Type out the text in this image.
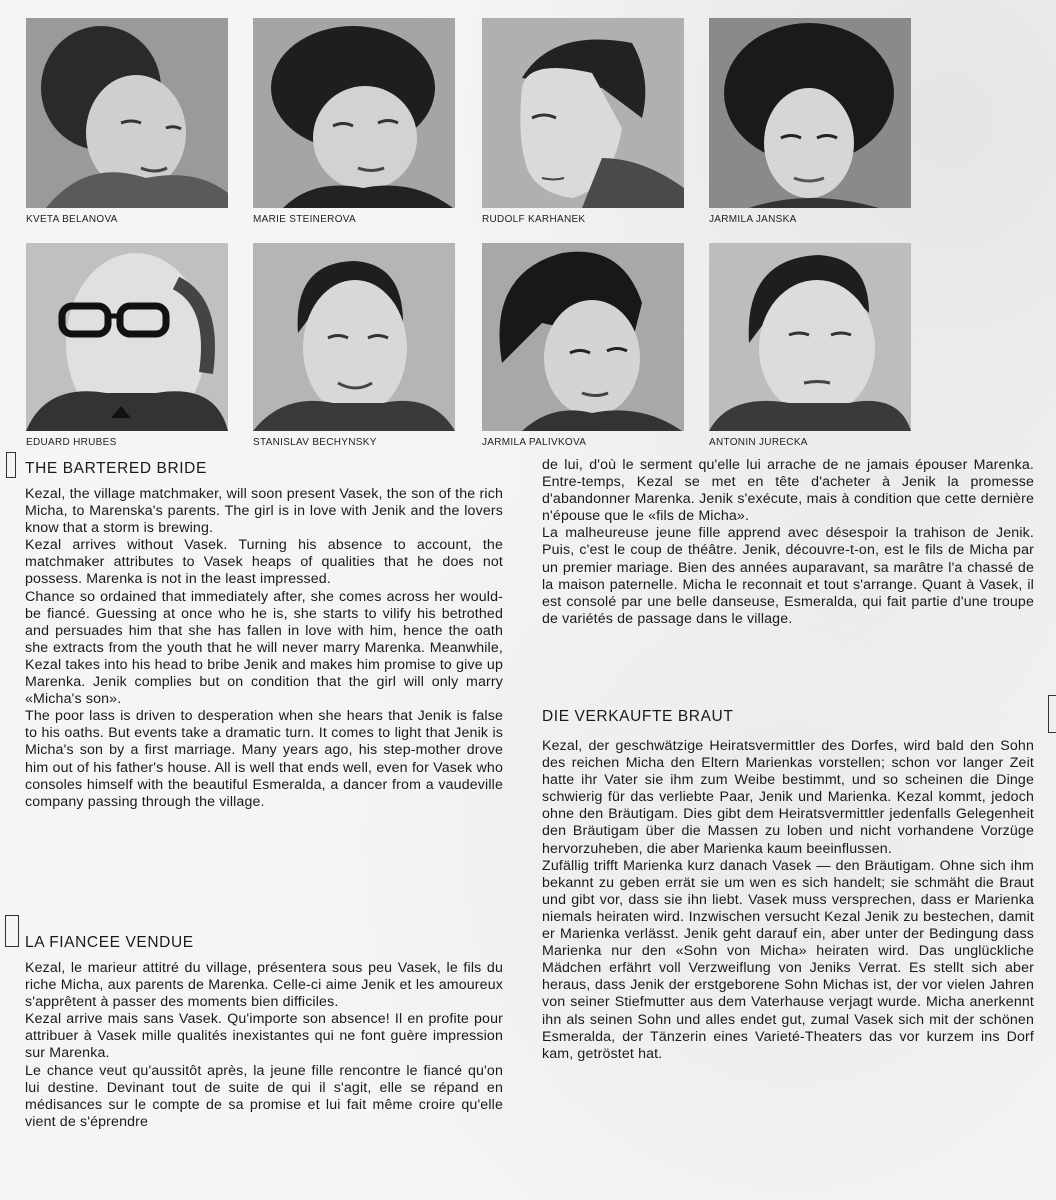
KVETA BELANOVA	MARIE STEINEROVA	RUDOLF KARHANEK	JARMILA JANSKA
EDUARD HRUBES	STANISLAV BECHYNSKY	JARMILA PALIVKOVA	ANTONIN JURECKA
THE BARTERED BRIDE

Kezal, the village matchmaker, will soon present Vasek, the son of the rich Micha, to Marenska's parents. The girl is in love with Jenik and the lovers know that a storm is brewing.

Kezal arrives without Vasek. Turning his absence to account, the matchmaker attributes to Vasek heaps of qualities that he does not possess. Marenka is not in the least impressed.

Chance so ordained that immediately after, she comes across her would-be fiancé. Guessing at once who he is, she starts to vilify his betrothed and persuades him that she has fallen in love with him, hence the oath she extracts from the youth that he will never marry Marenka. Meanwhile, Kezal takes into his head to bribe Jenik and makes him promise to give up Marenka. Jenik complies but on condition that the girl will only marry «Micha's son».

The poor lass is driven to desperation when she hears that Jenik is false to his oaths. But events take a dramatic turn. It comes to light that Jenik is Micha's son by a first marriage. Many years ago, his step-mother drove him out of his father's house. All is well that ends well, even for Vasek who consoles himself with the beautiful Esmeralda, a dancer from a vaudeville company passing through the village.

LA FIANCEE VENDUE

Kezal, le marieur attitré du village, présentera sous peu Vasek, le fils du riche Micha, aux parents de Marenka. Celle-ci aime Jenik et les amoureux s'apprêtent à passer des moments bien difficiles.

Kezal arrive mais sans Vasek. Qu'importe son absence! Il en profite pour attribuer à Vasek mille qualités inexistantes qui ne font guère impression sur Marenka.

Le chance veut qu'aussitôt après, la jeune fille rencontre le fiancé qu'on lui destine. Devinant tout de suite de qui il s'agit, elle se répand en médisances sur le compte de sa promise et lui fait même croire qu'elle vient de s'éprendre

de lui, d'où le serment qu'elle lui arrache de ne jamais épouser Marenka. Entre-temps, Kezal se met en tête d'acheter à Jenik la promesse d'abandonner Marenka. Jenik s'exécute, mais à condition que cette dernière n'épouse que le «fils de Micha».

La malheureuse jeune fille apprend avec désespoir la trahison de Jenik. Puis, c'est le coup de théâtre. Jenik, découvre-t-on, est le fils de Micha par un premier mariage. Bien des années auparavant, sa marâtre l'a chassé de la maison paternelle. Micha le reconnait et tout s'arrange. Quant à Vasek, il est consolé par une belle danseuse, Esmeralda, qui fait partie d'une troupe de variétés de passage dans le village.

DIE VERKAUFTE BRAUT

Kezal, der geschwätzige Heiratsvermittler des Dorfes, wird bald den Sohn des reichen Micha den Eltern Marienkas vorstellen; schon vor langer Zeit hatte ihr Vater sie ihm zum Weibe bestimmt, und so scheinen die Dinge schwierig für das verliebte Paar, Jenik und Marienka. Kezal kommt, jedoch ohne den Bräutigam. Dies gibt dem Heiratsvermittler jedenfalls Gelegenheit den Bräutigam über die Massen zu loben und nicht vorhandene Vorzüge hervorzuheben, die aber Marienka kaum beeinflussen.

Zufällig trifft Marienka kurz danach Vasek — den Bräutigam. Ohne sich ihm bekannt zu geben errät sie um wen es sich handelt; sie schmäht die Braut und gibt vor, dass sie ihn liebt. Vasek muss versprechen, dass er Marienka niemals heiraten wird. Inzwischen versucht Kezal Jenik zu bestechen, damit er Marienka verlässt. Jenik geht darauf ein, aber unter der Bedingung dass Marienka nur den «Sohn von Micha» heiraten wird. Das unglückliche Mädchen erfährt voll Verzweiflung von Jeniks Verrat. Es stellt sich aber heraus, dass Jenik der erstgeborene Sohn Michas ist, der vor vielen Jahren von seiner Stiefmutter aus dem Vaterhause verjagt wurde. Micha anerkennt ihn als seinen Sohn und alles endet gut, zumal Vasek sich mit der schönen Esmeralda, der Tänzerin eines Varieté-Theaters das vor kurzem ins Dorf kam, getröstet hat.
